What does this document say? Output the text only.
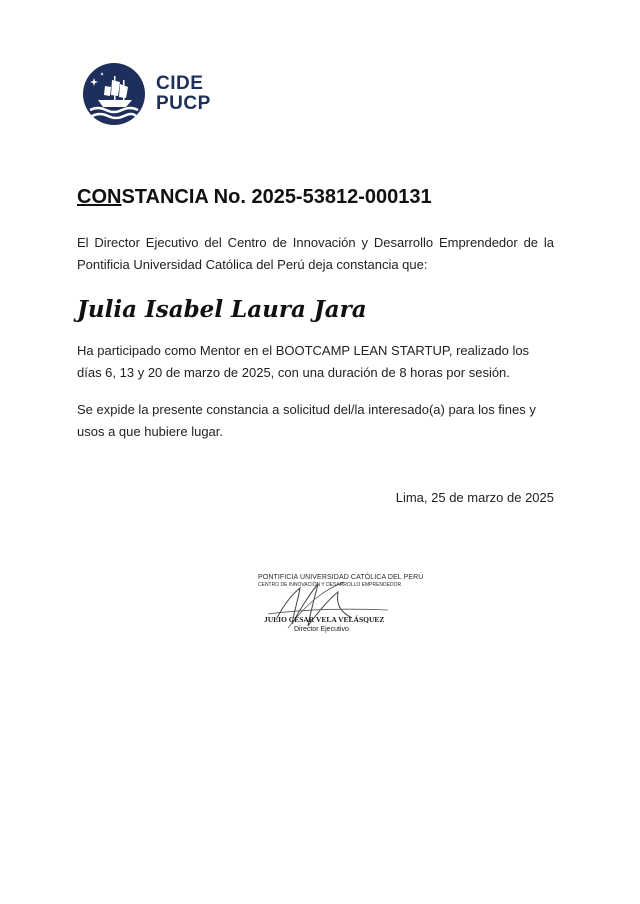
CIDE
PUCP
CONSTANCIA No. 2025-53812-000131

El Director Ejecutivo del Centro de Innovación y Desarrollo Emprendedor de la Pontificia Universidad Católica del Perú deja constancia que:

Julia Isabel Laura Jara

Ha participado como Mentor en el BOOTCAMP LEAN STARTUP, realizado los días 6, 13 y 20 de marzo de 2025, con una duración de 8 horas por sesión.

Se expide la presente constancia a solicitud del/la interesado(a) para los fines y usos a que hubiere lugar.

Lima, 25 de marzo de 2025
PONTIFICIA UNIVERSIDAD CATÓLICA DEL PERÚ
CENTRO DE INNOVACIÓN Y DESARROLLO EMPRENDEDOR
JULIO CÉSAR VELA VELÁSQUEZ
Director Ejecutivo
